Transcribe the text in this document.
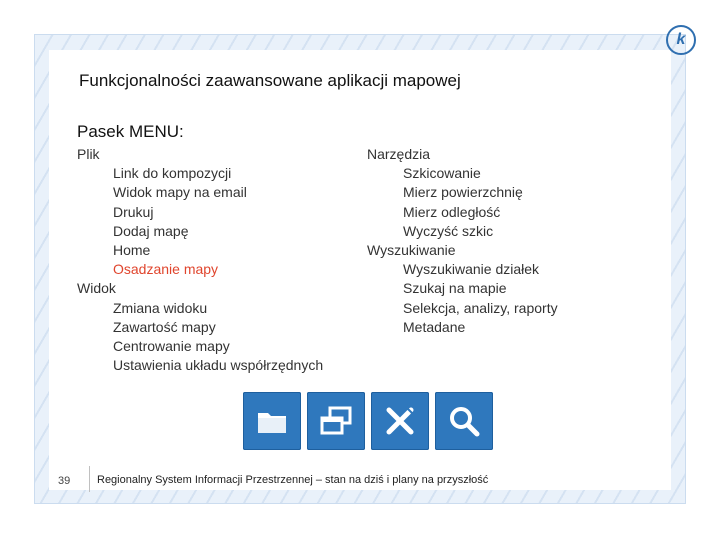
k
Funkcjonalności zaawansowane aplikacji mapowej
Pasek MENU:
Plik
Link do kompozycji
Widok mapy na email
Drukuj
Dodaj mapę
Home
Osadzanie mapy
Widok
Zmiana widoku
Zawartość mapy
Centrowanie mapy
Ustawienia układu współrzędnych
Narzędzia
Szkicowanie
Mierz powierzchnię
Mierz odległość
Wyczyść szkic
Wyszukiwanie
Wyszukiwanie działek
Szukaj na mapie
Selekcja, analizy, raporty
Metadane
39 Regionalny System Informacji Przestrzennej – stan na dziś i plany na przyszłość
